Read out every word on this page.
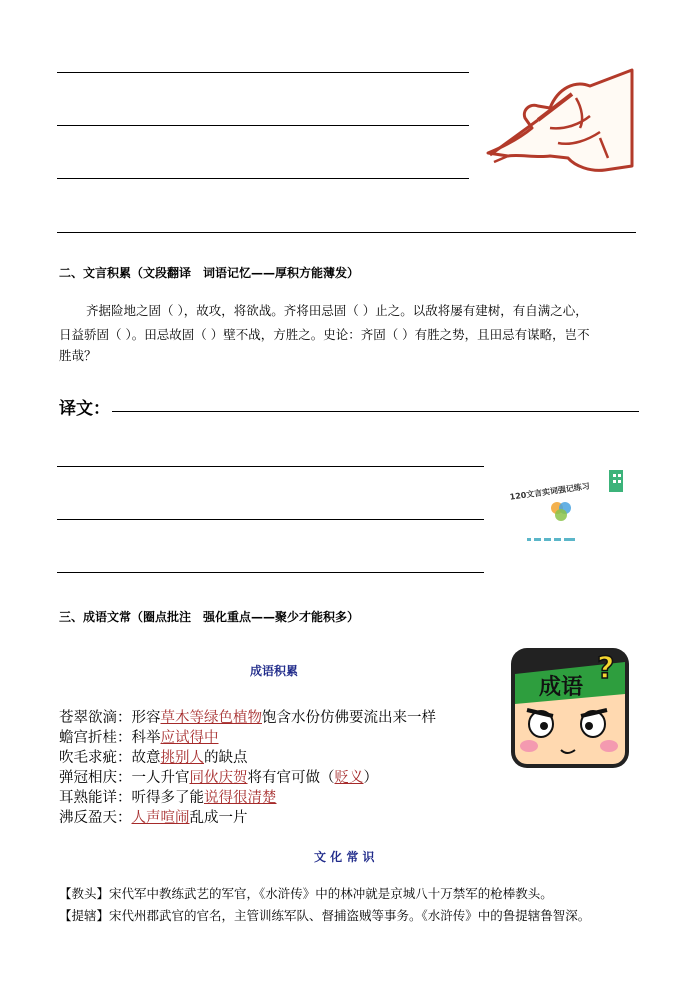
二、文言积累（文段翻译　词语记忆——厚积方能薄发）
齐据险地之固（ ），故攻，将欲战。齐将田忌固（ ）止之。以敌将屡有建树，有自满之心，
日益骄固（ ）。田忌故固（ ）壁不战，方胜之。史论：齐固（ ）有胜之势，且田忌有谋略，岂不
胜哉？
译文：
120文言实词强记练习
三、成语文常（圈点批注　强化重点——聚少才能积多）
成语积累
成语
?
苍翠欲滴：形容草木等绿色植物饱含水份仿佛要流出来一样
蟾宫折桂：科举应试得中
吹毛求疵：故意挑别人的缺点
弹冠相庆：一人升官同伙庆贺将有官可做（贬义）
耳熟能详：听得多了能说得很清楚
沸反盈天：人声喧闹乱成一片
文 化 常 识
【教头】宋代军中教练武艺的军官，《水浒传》中的林冲就是京城八十万禁军的枪棒教头。
【提辖】宋代州郡武官的官名，主管训练军队、督捕盗贼等事务。《水浒传》中的鲁提辖鲁智深。
